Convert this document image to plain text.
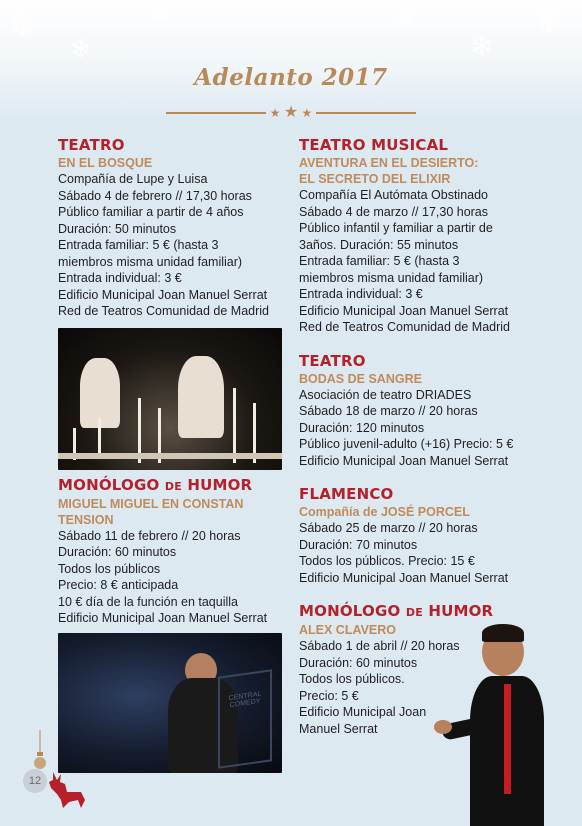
❄
❄
❅	❅
❄
❄
Adelanto 2017
★ ★ ★
TEATRO
EN EL BOSQUE
Compañía de Lupe y Luisa
Sábado 4 de febrero // 17,30 horas
Público familiar a partir de 4 años
Duración: 50 minutos
Entrada familiar: 5 € (hasta 3
miembros misma unidad familiar)
Entrada individual: 3 €
Edificio Municipal Joan Manuel Serrat
Red de Teatros Comunidad de Madrid
MONÓLOGO DE HUMOR
MIGUEL MIGUEL EN CONSTAN
TENSION
Sábado 11 de febrero // 20 horas
Duración: 60 minutos
Todos los públicos
Precio: 8 € anticipada
10 € día de la función en taquilla
Edificio Municipal Joan Manuel Serrat
CENTRAL COMEDY
TEATRO MUSICAL
AVENTURA EN EL DESIERTO:
EL SECRETO DEL ELIXIR
Compañía El Autómata Obstinado
Sábado 4 de marzo // 17,30 horas
Público infantil y familiar a partir de
3años. Duración: 55 minutos
Entrada familiar: 5 € (hasta 3
miembros misma unidad familiar)
Entrada individual: 3 €
Edificio Municipal Joan Manuel Serrat
Red de Teatros Comunidad de Madrid
TEATRO
BODAS DE SANGRE
Asociación de teatro DRIADES
Sábado 18 de marzo // 20 horas
Duración: 120 minutos
Público juvenil-adulto (+16) Precio: 5 €
Edificio Municipal Joan Manuel Serrat
FLAMENCO
Compañía de JOSÉ PORCEL
Sábado 25 de marzo // 20 horas
Duración: 70 minutos
Todos los públicos. Precio: 15 €
Edificio Municipal Joan Manuel Serrat
MONÓLOGO DE HUMOR
ALEX CLAVERO
Sábado 1 de abril // 20 horas
Duración: 60 minutos
Todos los públicos.
Precio: 5 €
Edificio Municipal Joan
Manuel Serrat
12
